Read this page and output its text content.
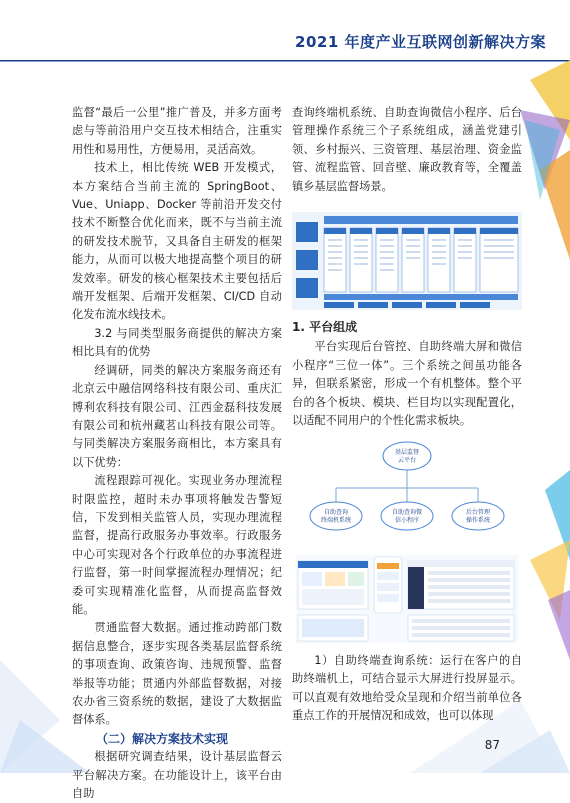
2021 年度产业互联网创新解决方案

监督“最后一公里”推广普及，并多方面考虑与等前沿用户交互技术相结合，注重实用性和易用性，方便易用，灵活高效。

技术上，相比传统 WEB 开发模式，本方案结合当前主流的 SpringBoot、Vue、Uniapp、Docker 等前沿开发交付技术不断整合优化而来，既不与当前主流的研发技术脱节，又具备自主研发的框架能力，从而可以极大地提高整个项目的研发效率。研发的核心框架技术主要包括后端开发框架、后端开发框架、CI/CD 自动化发布流水线技术。

3.2 与同类型服务商提供的解决方案相比具有的优势

经调研，同类的解决方案服务商还有北京云中融信网络科技有限公司、重庆汇博利农科技有限公司、江西金磊科技发展有限公司和杭州藏茗山科技有限公司等。与同类解决方案服务商相比，本方案具有以下优势：

流程跟踪可视化。实现业务办理流程时限监控，超时未办事项将触发告警短信，下发到相关监管人员，实现办理流程监督，提高行政服务办事效率。行政服务中心可实现对各个行政单位的办事流程进行监督，第一时间掌握流程办理情况；纪委可实现精准化监督，从而提高监督效能。

贯通监督大数据。通过推动跨部门数据信息整合，逐步实现各类基层监督系统的事项查询、政策咨询、违规预警、监督举报等功能；贯通内外部监督数据，对接农办省三资系统的数据，建设了大数据监督体系。

（二）解决方案技术实现

根据研究调查结果，设计基层监督云平台解决方案。在功能设计上，该平台由自助

查询终端机系统、自助查询微信小程序、后台管理操作系统三个子系统组成，涵盖党建引领、乡村振兴、三资管理、基层治理、资金监管、流程监管、回音壁、廉政教育等，全覆盖镇乡基层监督场景。

1. 平台组成

平台实现后台管控、自助终端大屏和微信小程序“三位一体”。三个系统之间虽功能各异，但联系紧密，形成一个有机整体。整个平台的各个板块、模块、栏目均以实现配置化，以适配不同用户的个性化需求板块。

基层监督
云平台
自助查询
终端机系统
自助查询微
信小程序
后台管理
操作系统

1）自助终端查询系统：运行在客户的自助终端机上，可结合显示大屏进行投屏显示。可以直观有效地给受众呈现和介绍当前单位各重点工作的开展情况和成效，也可以体现

87
